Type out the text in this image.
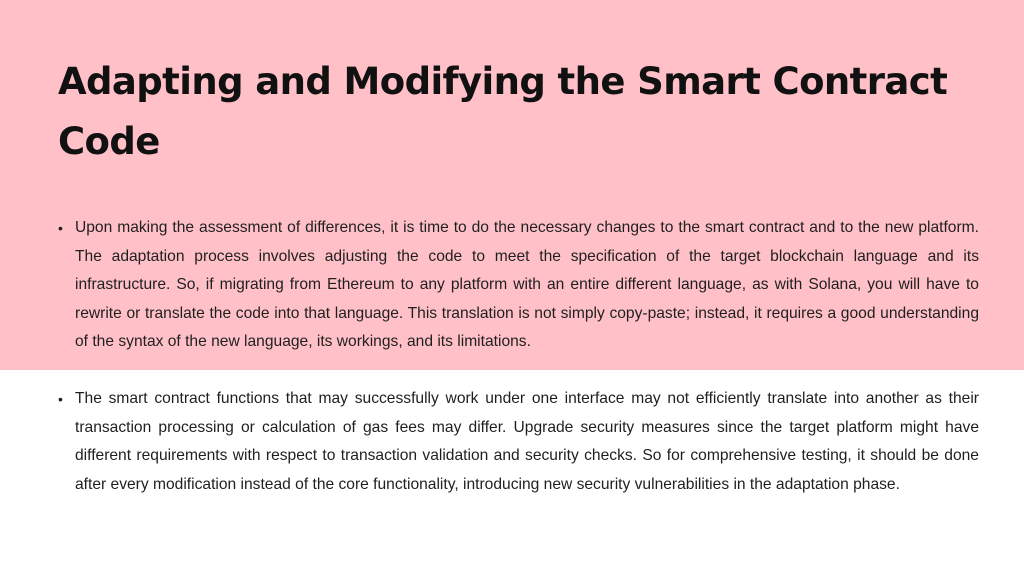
Adapting and Modifying the Smart Contract Code
• Upon making the assessment of differences, it is time to do the necessary changes to the smart contract and to the new platform. The adaptation process involves adjusting the code to meet the specification of the target blockchain language and its infrastructure. So, if migrating from Ethereum to any platform with an entire different language, as with Solana, you will have to rewrite or translate the code into that language. This translation is not simply copy-paste; instead, it requires a good understanding of the syntax of the new language, its workings, and its limitations.
• The smart contract functions that may successfully work under one interface may not efficiently translate into another as their transaction processing or calculation of gas fees may differ. Upgrade security measures since the target platform might have different requirements with respect to transaction validation and security checks. So for comprehensive testing, it should be done after every modification instead of the core functionality, introducing new security vulnerabilities in the adaptation phase.
